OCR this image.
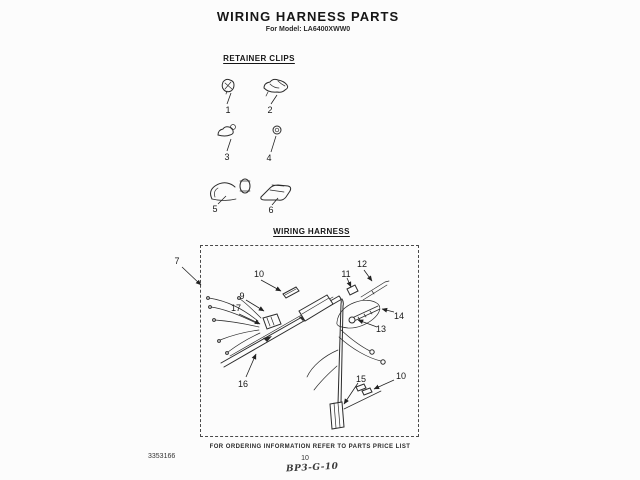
WIRING HARNESS PARTS
For Model: LA6400XWW0
RETAINER CLIPS
WIRING HARNESS
1	2
3	4
5	6
7
10
9
17
11
12
14
13
15	10
16
FOR ORDERING INFORMATION REFER TO PARTS PRICE LIST
3353166	10
BP3-G-10
